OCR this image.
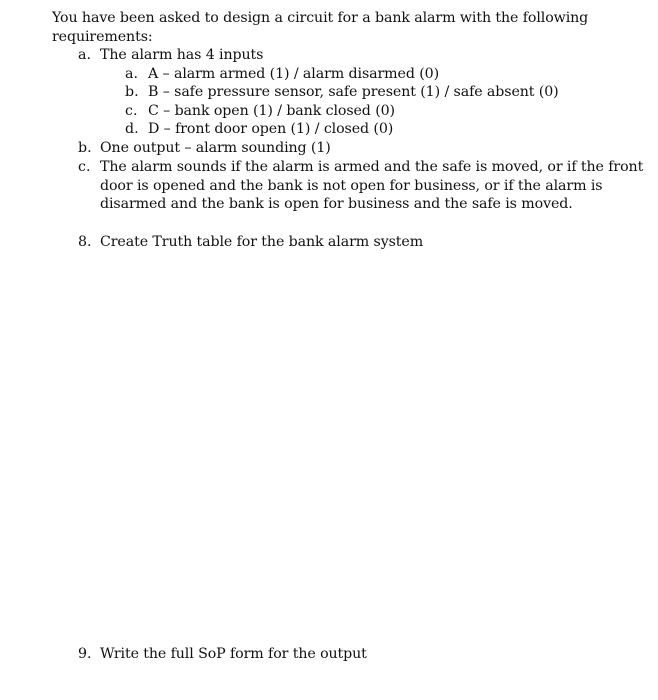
You have been asked to design a circuit for a bank alarm with the following
requirements:
a. The alarm has 4 inputs
a. A – alarm armed (1) / alarm disarmed (0)
b. B – safe pressure sensor, safe present (1) / safe absent (0)
c. C – bank open (1) / bank closed (0)
d. D – front door open (1) / closed (0)
b. One output – alarm sounding (1)
c. The alarm sounds if the alarm is armed and the safe is moved, or if the front
door is opened and the bank is not open for business, or if the alarm is
disarmed and the bank is open for business and the safe is moved.
8. Create Truth table for the bank alarm system
9. Write the full SoP form for the output
